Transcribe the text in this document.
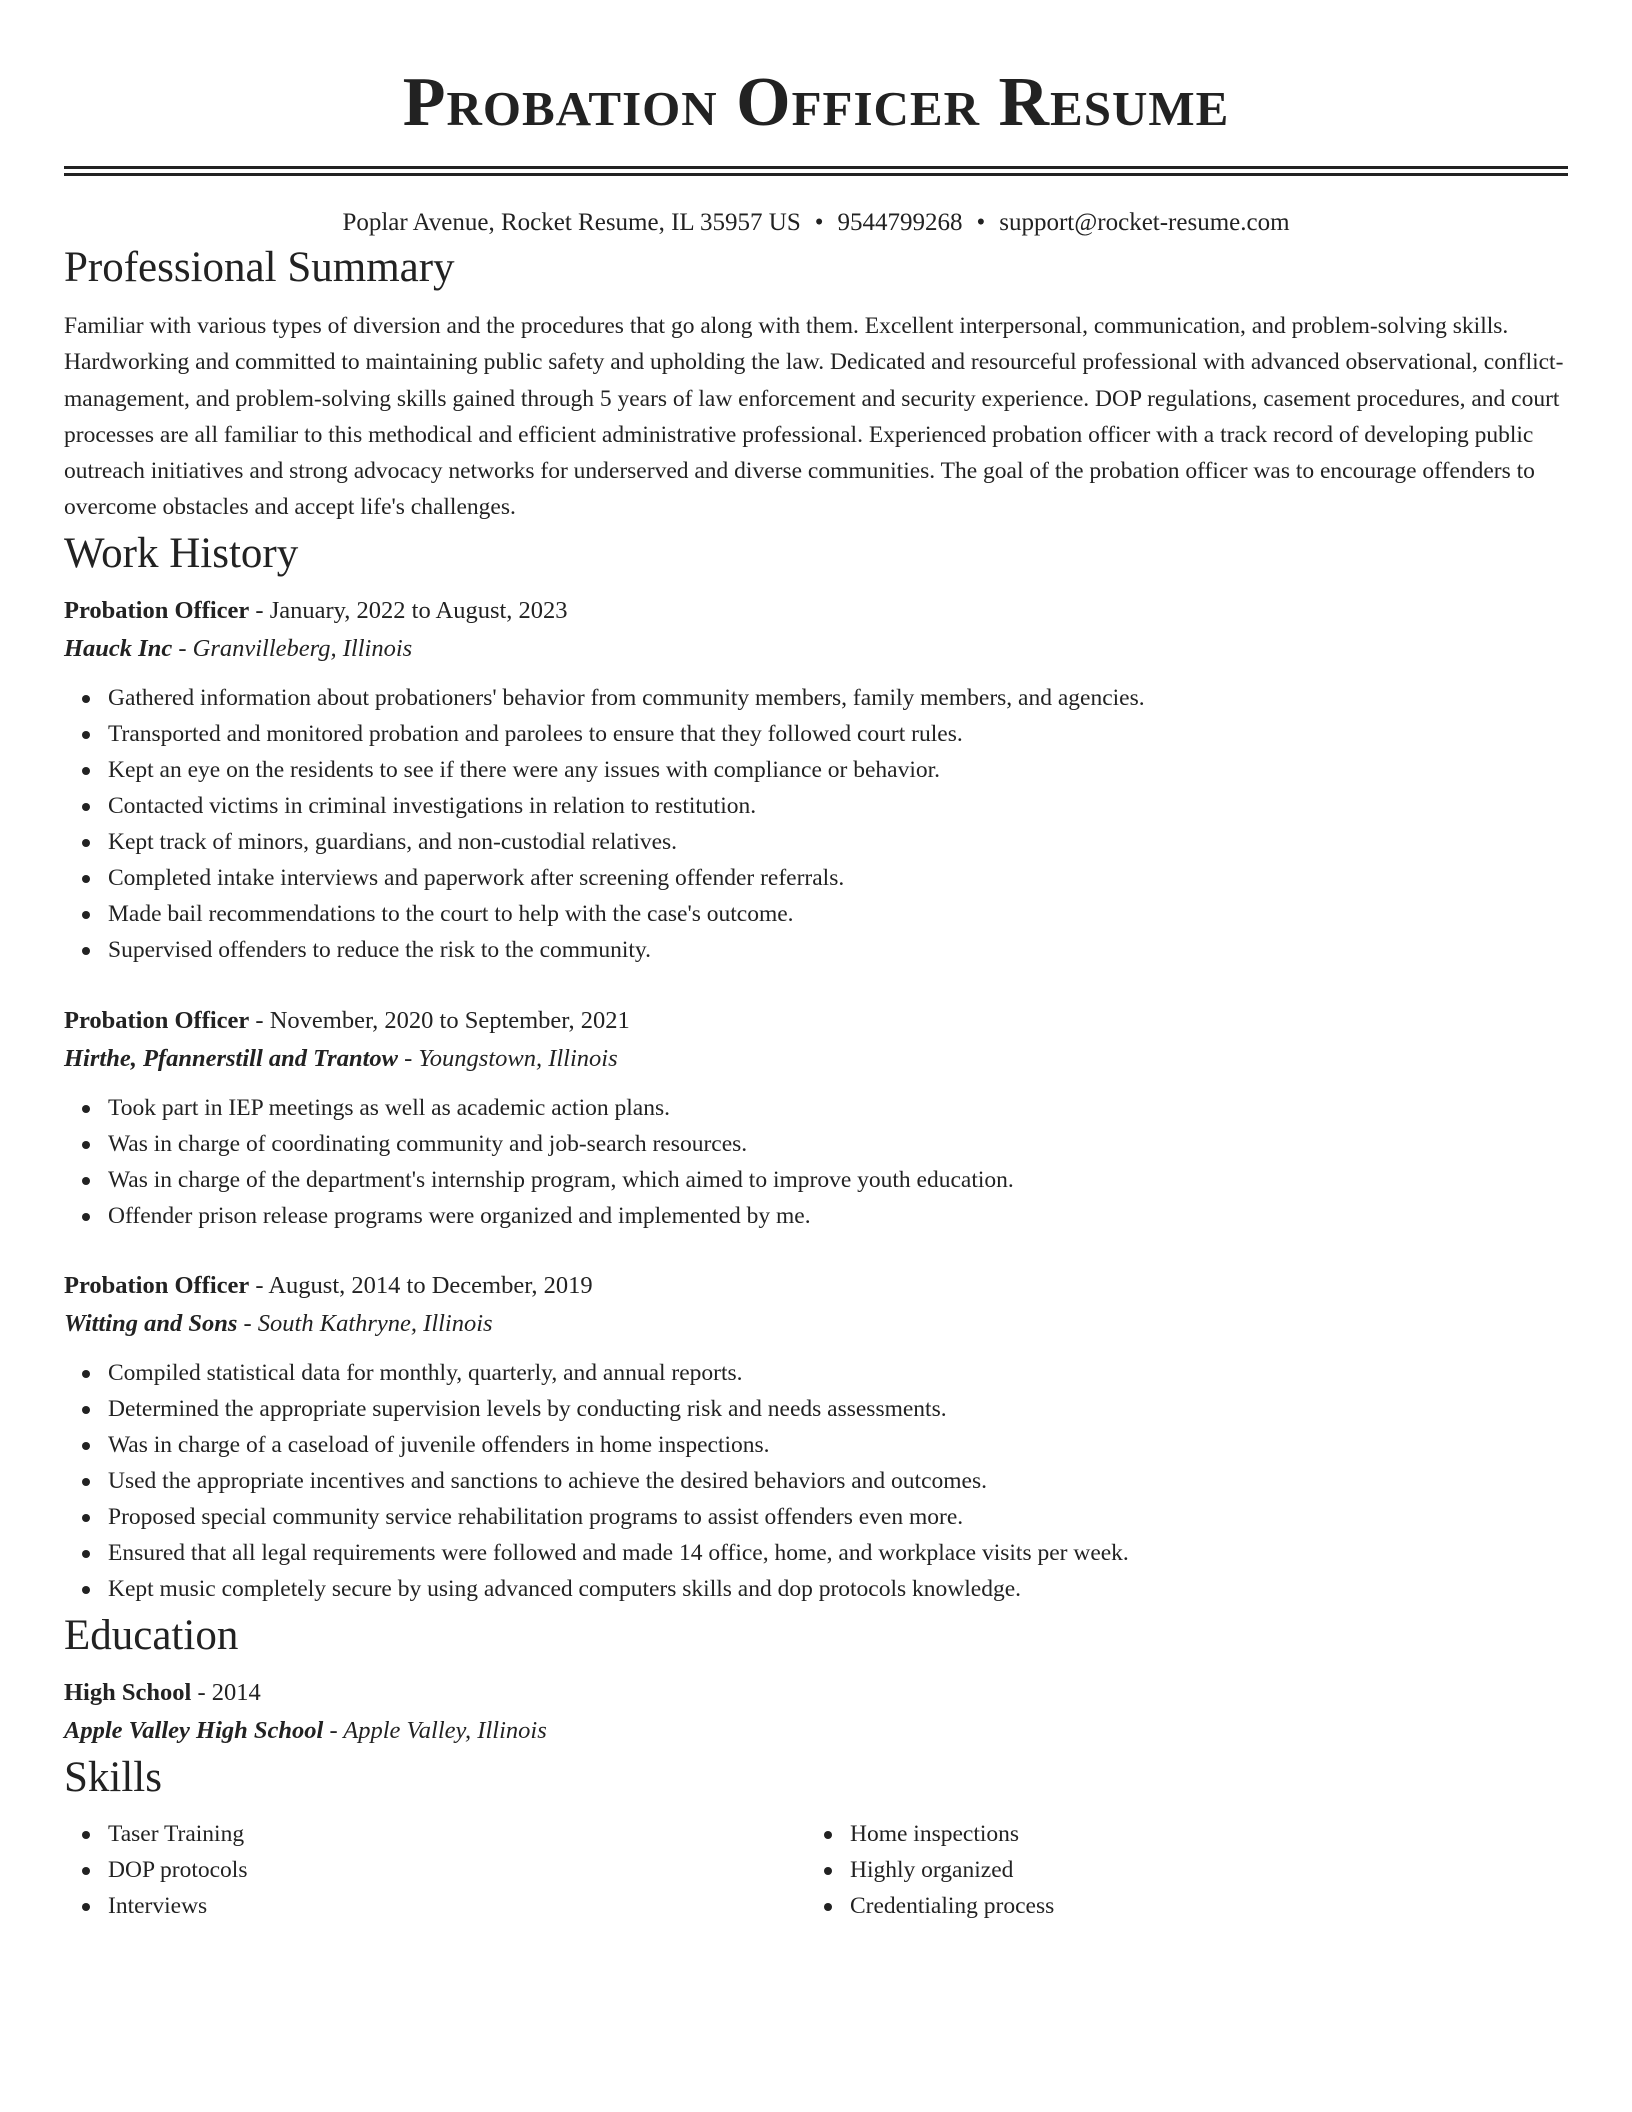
Probation Officer Resume
Poplar Avenue, Rocket Resume, IL 35957 US • 9544799268 • support@rocket-resume.com
Professional Summary

Familiar with various types of diversion and the procedures that go along with them. Excellent interpersonal, communication, and problem-solving skills. Hardworking and committed to maintaining public safety and upholding the law. Dedicated and resourceful professional with advanced observational, conflict-management, and problem-solving skills gained through 5 years of law enforcement and security experience. DOP regulations, casement procedures, and court processes are all familiar to this methodical and efficient administrative professional. Experienced probation officer with a track record of developing public outreach initiatives and strong advocacy networks for underserved and diverse communities. The goal of the probation officer was to encourage offenders to overcome obstacles and accept life's challenges.

Work History
Probation Officer - January, 2022 to August, 2023
Hauck Inc - Granvilleberg, Illinois
Gathered information about probationers' behavior from community members, family members, and agencies.
Transported and monitored probation and parolees to ensure that they followed court rules.
Kept an eye on the residents to see if there were any issues with compliance or behavior.
Contacted victims in criminal investigations in relation to restitution.
Kept track of minors, guardians, and non-custodial relatives.
Completed intake interviews and paperwork after screening offender referrals.
Made bail recommendations to the court to help with the case's outcome.
Supervised offenders to reduce the risk to the community.
Probation Officer - November, 2020 to September, 2021
Hirthe, Pfannerstill and Trantow - Youngstown, Illinois
Took part in IEP meetings as well as academic action plans.
Was in charge of coordinating community and job-search resources.
Was in charge of the department's internship program, which aimed to improve youth education.
Offender prison release programs were organized and implemented by me.
Probation Officer - August, 2014 to December, 2019
Witting and Sons - South Kathryne, Illinois
Compiled statistical data for monthly, quarterly, and annual reports.
Determined the appropriate supervision levels by conducting risk and needs assessments.
Was in charge of a caseload of juvenile offenders in home inspections.
Used the appropriate incentives and sanctions to achieve the desired behaviors and outcomes.
Proposed special community service rehabilitation programs to assist offenders even more.
Ensured that all legal requirements were followed and made 14 office, home, and workplace visits per week.
Kept music completely secure by using advanced computers skills and dop protocols knowledge.
Education
High School - 2014
Apple Valley High School - Apple Valley, Illinois
Skills
Taser Training
DOP protocols
Interviews
Home inspections
Highly organized
Credentialing process
